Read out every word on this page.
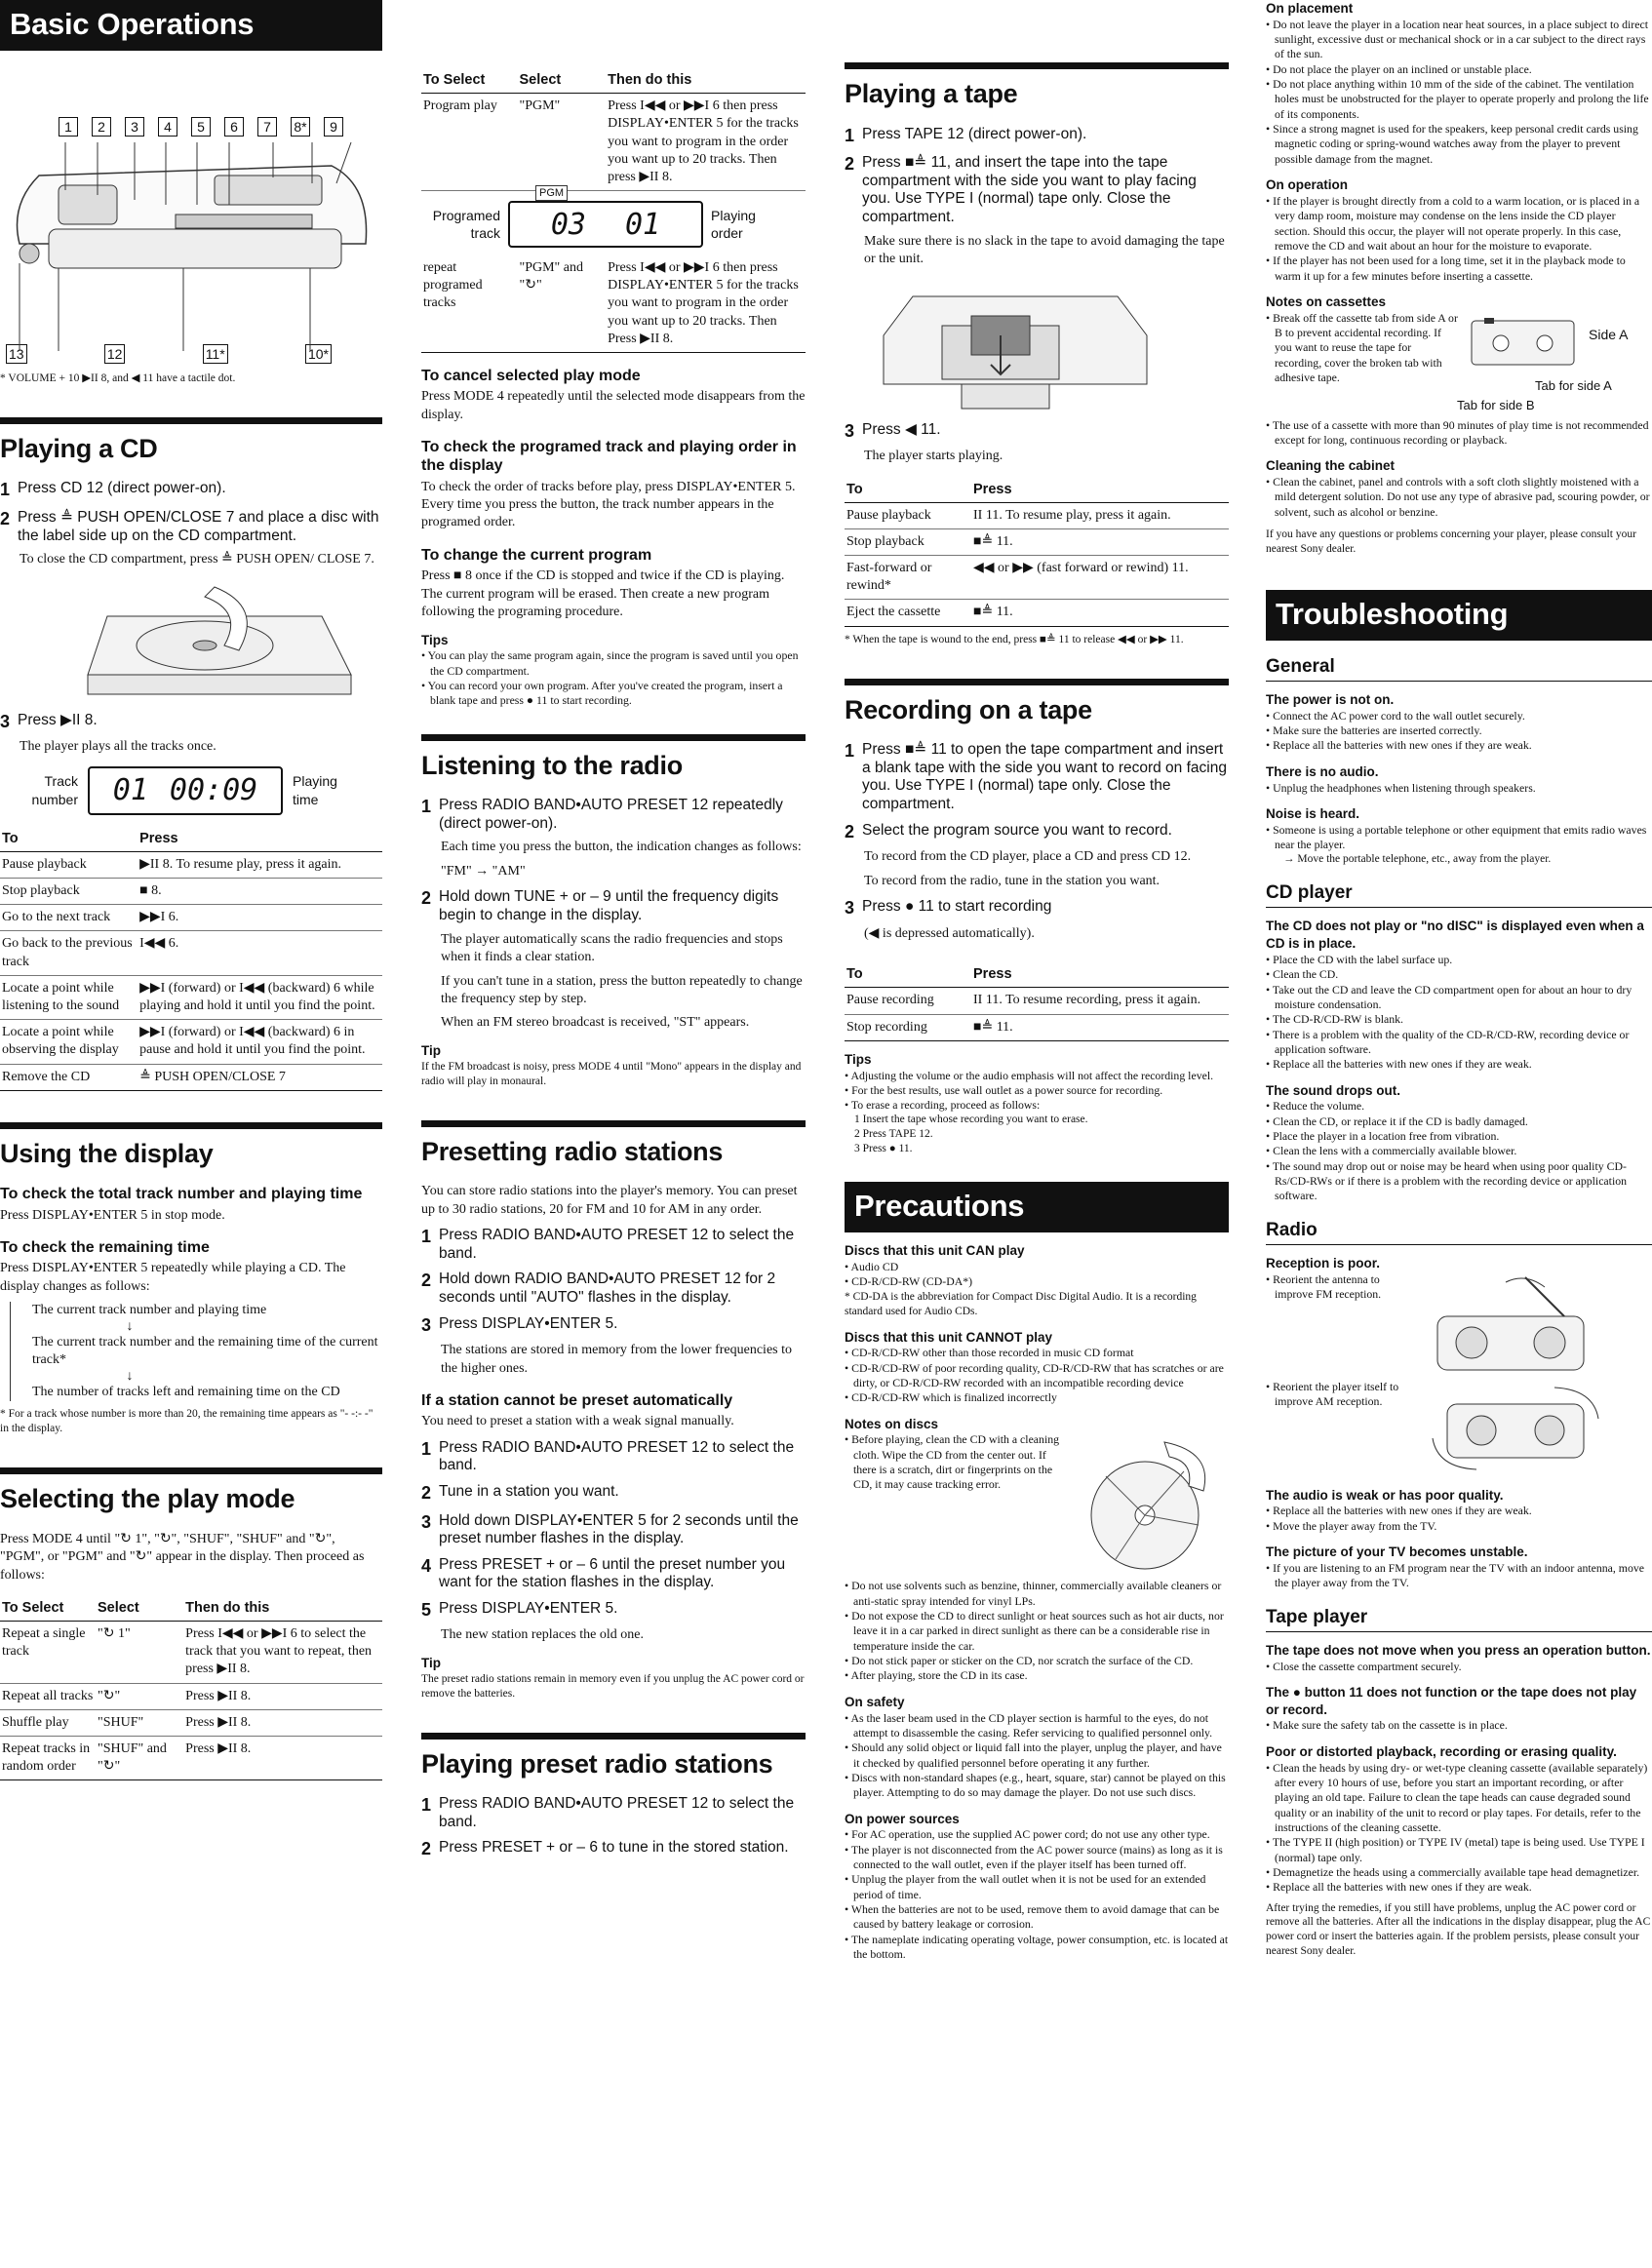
Basic Operations
1	2	3	4	5	6	7	8*	9
13	12	11*	10*
* VOLUME + 10 ▶II 8, and ◀ 11 have a tactile dot.
Playing a CD
1 Press CD 12 (direct power-on).
2 Press ≜ PUSH OPEN/CLOSE 7 and place a disc with the label side up on the CD compartment.
To close the CD compartment, press ≜ PUSH OPEN/ CLOSE 7.
3 Press ▶II 8.
The player plays all the tracks once.
Track number 01 00:09	Playing time
To	Press
Pause playback	▶II 8. To resume play, press it again.
Stop playback	■ 8.
Go to the next track	▶▶I 6.
Go back to the previous track	I◀◀ 6.
Locate a point while listening to the sound	▶▶I (forward) or I◀◀ (backward) 6 while playing and hold it until you find the point.
Locate a point while observing the display	▶▶I (forward) or I◀◀ (backward) 6 in pause and hold it until you find the point.
Remove the CD	≜ PUSH OPEN/CLOSE 7
Using the display
To check the total track number and playing time

Press DISPLAY•ENTER 5 in stop mode.

To check the remaining time

Press DISPLAY•ENTER 5 repeatedly while playing a CD. The display changes as follows:

The current track number and playing time
↓
The current track number and the remaining time of the current track*
↓
The number of tracks left and remaining time on the CD
* For a track whose number is more than 20, the remaining time appears as "- -:- -" in the display.
Selecting the play mode

Press MODE 4 until "↻ 1", "↻", "SHUF", "SHUF" and "↻", "PGM", or "PGM" and "↻" appear in the display. Then proceed as follows:

To Select	Select	Then do this
Repeat a single track	"↻ 1"	Press I◀◀ or ▶▶I 6 to select the track that you want to repeat, then press ▶II 8.
Repeat all tracks	"↻"	Press ▶II 8.
Shuffle play	"SHUF"	Press ▶II 8.
Repeat tracks in random order	"SHUF" and "↻"	Press ▶II 8.
To Select	Select	Then do this
Program play	"PGM"	Press I◀◀ or ▶▶I 6 then press DISPLAY•ENTER 5 for the tracks you want to program in the order you want up to 20 tracks. Then press ▶II 8.

Programed track
PGM
03 01 Playing order		

repeat programed tracks	"PGM" and "↻"	Press I◀◀ or ▶▶I 6 then press DISPLAY•ENTER 5 for the tracks you want to program in the order you want up to 20 tracks. Then Press ▶II 8.
To cancel selected play mode

Press MODE 4 repeatedly until the selected mode disappears from the display.

To check the programed track and playing order in the display

To check the order of tracks before play, press DISPLAY•ENTER 5. Every time you press the button, the track number appears in the programed order.

To change the current program

Press ■ 8 once if the CD is stopped and twice if the CD is playing. The current program will be erased. Then create a new program following the programing procedure.

Tips
• You can play the same program again, since the program is saved until you open the CD compartment.
• You can record your own program. After you've created the program, insert a blank tape and press ● 11 to start recording.
Listening to the radio
1 Press RADIO BAND•AUTO PRESET 12 repeatedly (direct power-on).
Each time you press the button, the indication changes as follows:
"FM" → "AM"
2 Hold down TUNE + or – 9 until the frequency digits begin to change in the display.
The player automatically scans the radio frequencies and stops when it finds a clear station.
If you can't tune in a station, press the button repeatedly to change the frequency step by step.
When an FM stereo broadcast is received, "ST" appears.
Tip
If the FM broadcast is noisy, press MODE 4 until "Mono" appears in the display and radio will play in monaural.
Presetting radio stations

You can store radio stations into the player's memory. You can preset up to 30 radio stations, 20 for FM and 10 for AM in any order.

1 Press RADIO BAND•AUTO PRESET 12 to select the band.
2 Hold down RADIO BAND•AUTO PRESET 12 for 2 seconds until "AUTO" flashes in the display.
3 Press DISPLAY•ENTER 5.
The stations are stored in memory from the lower frequencies to the higher ones.
If a station cannot be preset automatically

You need to preset a station with a weak signal manually.

1 Press RADIO BAND•AUTO PRESET 12 to select the band.
2 Tune in a station you want.
3 Hold down DISPLAY•ENTER 5 for 2 seconds until the preset number flashes in the display.
4 Press PRESET + or – 6 until the preset number you want for the station flashes in the display.
5 Press DISPLAY•ENTER 5.
The new station replaces the old one.
Tip
The preset radio stations remain in memory even if you unplug the AC power cord or remove the batteries.
Playing preset radio stations
1 Press RADIO BAND•AUTO PRESET 12 to select the band.
2 Press PRESET + or – 6 to tune in the stored station.
Playing a tape
1 Press TAPE 12 (direct power-on).
2 Press ■≜ 11, and insert the tape into the tape compartment with the side you want to play facing you. Use TYPE I (normal) tape only. Close the compartment.
Make sure there is no slack in the tape to avoid damaging the tape or the unit.
3 Press ◀ 11.
The player starts playing.
To	Press
Pause playback	II 11. To resume play, press it again.
Stop playback	■≜ 11.
Fast-forward or rewind*	◀◀ or ▶▶ (fast forward or rewind) 11.
Eject the cassette	■≜ 11.
* When the tape is wound to the end, press ■≜ 11 to release ◀◀ or ▶▶ 11.
Recording on a tape
1 Press ■≜ 11 to open the tape compartment and insert a blank tape with the side you want to record on facing you. Use TYPE I (normal) tape only. Close the compartment.
2 Select the program source you want to record.
To record from the CD player, place a CD and press CD 12.
To record from the radio, tune in the station you want.
3 Press ● 11 to start recording
(◀ is depressed automatically).
To	Press
Pause recording	II 11. To resume recording, press it again.
Stop recording	■≜ 11.
Tips
• Adjusting the volume or the audio emphasis will not affect the recording level.
• For the best results, use wall outlet as a power source for recording.
• To erase a recording, proceed as follows:
1 Insert the tape whose recording you want to erase.
2 Press TAPE 12.
3 Press ● 11.
Precautions
Discs that this unit CAN play
• Audio CD
• CD-R/CD-RW (CD-DA*)
* CD-DA is the abbreviation for Compact Disc Digital Audio. It is a recording standard used for Audio CDs.
Discs that this unit CANNOT play
• CD-R/CD-RW other than those recorded in music CD format
• CD-R/CD-RW of poor recording quality, CD-R/CD-RW that has scratches or are dirty, or CD-R/CD-RW recorded with an incompatible recording device
• CD-R/CD-RW which is finalized incorrectly
Notes on discs
• Before playing, clean the CD with a cleaning cloth. Wipe the CD from the center out. If there is a scratch, dirt or fingerprints on the CD, it may cause tracking error.
• Do not use solvents such as benzine, thinner, commercially available cleaners or anti-static spray intended for vinyl LPs.
• Do not expose the CD to direct sunlight or heat sources such as hot air ducts, nor leave it in a car parked in direct sunlight as there can be a considerable rise in temperature inside the car.
• Do not stick paper or sticker on the CD, nor scratch the surface of the CD.
• After playing, store the CD in its case.
On safety
• As the laser beam used in the CD player section is harmful to the eyes, do not attempt to disassemble the casing. Refer servicing to qualified personnel only.
• Should any solid object or liquid fall into the player, unplug the player, and have it checked by qualified personnel before operating it any further.
• Discs with non-standard shapes (e.g., heart, square, star) cannot be played on this player. Attempting to do so may damage the player. Do not use such discs.
On power sources
• For AC operation, use the supplied AC power cord; do not use any other type.
• The player is not disconnected from the AC power source (mains) as long as it is connected to the wall outlet, even if the player itself has been turned off.
• Unplug the player from the wall outlet when it is not be used for an extended period of time.
• When the batteries are not to be used, remove them to avoid damage that can be caused by battery leakage or corrosion.
• The nameplate indicating operating voltage, power consumption, etc. is located at the bottom.
On placement
• Do not leave the player in a location near heat sources, in a place subject to direct sunlight, excessive dust or mechanical shock or in a car subject to the direct rays of the sun.
• Do not place the player on an inclined or unstable place.
• Do not place anything within 10 mm of the side of the cabinet. The ventilation holes must be unobstructed for the player to operate properly and prolong the life of its components.
• Since a strong magnet is used for the speakers, keep personal credit cards using magnetic coding or spring-wound watches away from the player to prevent possible damage from the magnet.
On operation
• If the player is brought directly from a cold to a warm location, or is placed in a very damp room, moisture may condense on the lens inside the CD player section. Should this occur, the player will not operate properly. In this case, remove the CD and wait about an hour for the moisture to evaporate.
• If the player has not been used for a long time, set it in the playback mode to warm it up for a few minutes before inserting a cassette.
Notes on cassettes
• Break off the cassette tab from side A or B to prevent accidental recording. If you want to reuse the tape for recording, cover the broken tab with adhesive tape.
Side A
Tab for side A
Tab for side B
• The use of a cassette with more than 90 minutes of play time is not recommended except for long, continuous recording or playback.
Cleaning the cabinet
• Clean the cabinet, panel and controls with a soft cloth slightly moistened with a mild detergent solution. Do not use any type of abrasive pad, scouring powder, or solvent, such as alcohol or benzine.
If you have any questions or problems concerning your player, please consult your nearest Sony dealer.
Troubleshooting
General
The power is not on.
• Connect the AC power cord to the wall outlet securely.
• Make sure the batteries are inserted correctly.
• Replace all the batteries with new ones if they are weak.
There is no audio.
• Unplug the headphones when listening through speakers.
Noise is heard.
• Someone is using a portable telephone or other equipment that emits radio waves near the player.
→ Move the portable telephone, etc., away from the player.
CD player
The CD does not play or "no dISC" is displayed even when a CD is in place.
• Place the CD with the label surface up.
• Clean the CD.
• Take out the CD and leave the CD compartment open for about an hour to dry moisture condensation.
• The CD-R/CD-RW is blank.
• There is a problem with the quality of the CD-R/CD-RW, recording device or application software.
• Replace all the batteries with new ones if they are weak.
The sound drops out.
• Reduce the volume.
• Clean the CD, or replace it if the CD is badly damaged.
• Place the player in a location free from vibration.
• Clean the lens with a commercially available blower.
• The sound may drop out or noise may be heard when using poor quality CD-Rs/CD-RWs or if there is a problem with the recording device or application software.
Radio
Reception is poor.
• Reorient the antenna to improve FM reception.
• Reorient the player itself to improve AM reception.
The audio is weak or has poor quality.
• Replace all the batteries with new ones if they are weak.
• Move the player away from the TV.
The picture of your TV becomes unstable.
• If you are listening to an FM program near the TV with an indoor antenna, move the player away from the TV.
Tape player
The tape does not move when you press an operation button.
• Close the cassette compartment securely.
The ● button 11 does not function or the tape does not play or record.
• Make sure the safety tab on the cassette is in place.
Poor or distorted playback, recording or erasing quality.
• Clean the heads by using dry- or wet-type cleaning cassette (available separately) after every 10 hours of use, before you start an important recording, or after playing an old tape. Failure to clean the tape heads can cause degraded sound quality or an inability of the unit to record or play tapes. For details, refer to the instructions of the cleaning cassette.
• The TYPE II (high position) or TYPE IV (metal) tape is being used. Use TYPE I (normal) tape only.
• Demagnetize the heads using a commercially available tape head demagnetizer.
• Replace all the batteries with new ones if they are weak.
After trying the remedies, if you still have problems, unplug the AC power cord or remove all the batteries. After all the indications in the display disappear, plug the AC power cord or insert the batteries again. If the problem persists, please consult your nearest Sony dealer.
